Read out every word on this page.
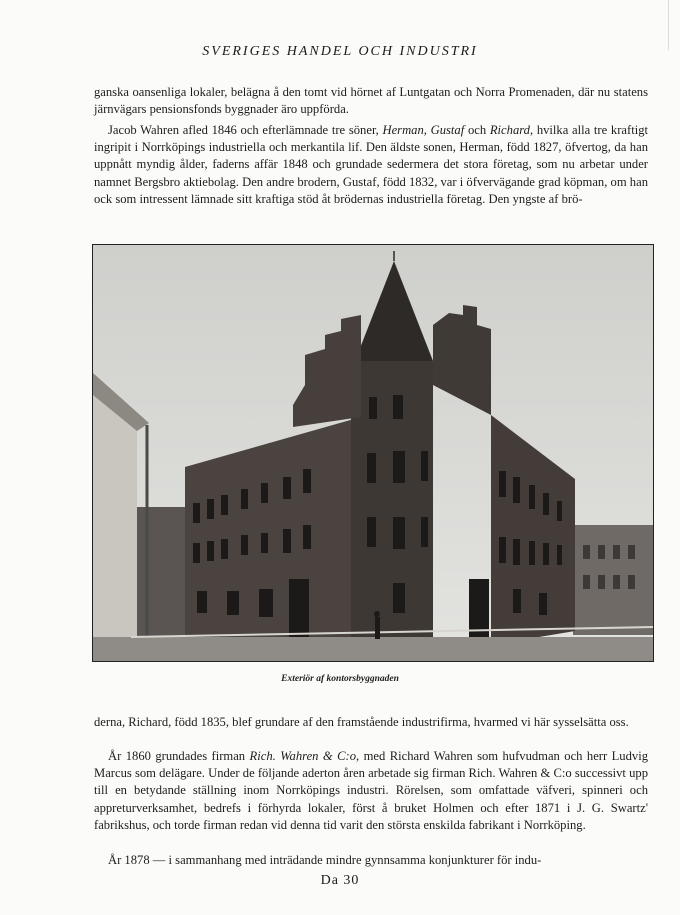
SVERIGES HANDEL OCH INDUSTRI

ganska oansenliga lokaler, belägna å den tomt vid hörnet af Luntgatan och Norra Promenaden, där nu statens järnvägars pensionsfonds byggnader äro uppförda.

Jacob Wahren afled 1846 och efterlämnade tre söner, Herman, Gustaf och Richard, hvilka alla tre kraftigt ingripit i Norrköpings industriella och merkantila lif. Den äldste sonen, Herman, född 1827, öfvertog, da han uppnått myndig ålder, faderns affär 1848 och grundade sedermera det stora företag, som nu arbetar under namnet Bergsbro aktiebolag. Den andre brodern, Gustaf, född 1832, var i öfvervägande grad köpman, om han ock som intressent lämnade sitt kraftiga stöd åt brödernas industriella företag. Den yngste af brö-

Exteriör af kontorsbyggnaden

derna, Richard, född 1835, blef grundare af den framstående industrifirma, hvarmed vi här sysselsätta oss.

År 1860 grundades firman Rich. Wahren & C:o, med Richard Wahren som hufvudman och herr Ludvig Marcus som delägare. Under de följande aderton åren arbetade sig firman Rich. Wahren & C:o successivt upp till en betydande ställning inom Norrköpings industri. Rörelsen, som omfattade väfveri, spinneri och appreturverksamhet, bedrefs i förhyrda lokaler, först å bruket Holmen och efter 1871 i J. G. Swartz' fabrikshus, och torde firman redan vid denna tid varit den största enskilda fabrikant i Norrköping.

År 1878 — i sammanhang med inträdande mindre gynnsamma konjunkturer för indu-

Da 30
